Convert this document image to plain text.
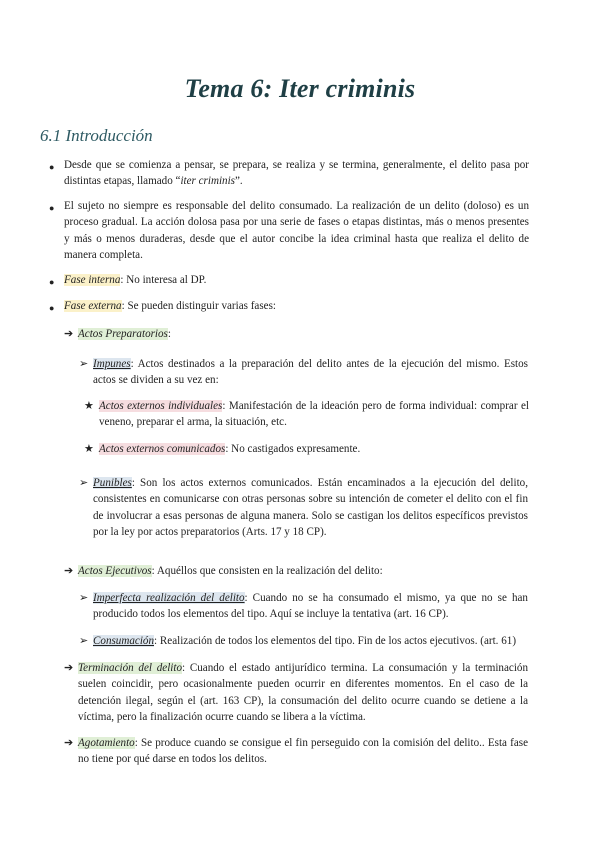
Tema 6: Iter criminis
6.1 Introducción
● Desde que se comienza a pensar, se prepara, se realiza y se termina, generalmente, el delito pasa por distintas etapas, llamado “iter criminis”.
● El sujeto no siempre es responsable del delito consumado. La realización de un delito (doloso) es un proceso gradual. La acción dolosa pasa por una serie de fases o etapas distintas, más o menos presentes y más o menos duraderas, desde que el autor concibe la idea criminal hasta que realiza el delito de manera completa.
● Fase interna: No interesa al DP.
● Fase externa: Se pueden distinguir varias fases:
➔ Actos Preparatorios:
➢ Impunes: Actos destinados a la preparación del delito antes de la ejecución del mismo. Estos actos se dividen a su vez en:
★ Actos externos individuales: Manifestación de la ideación pero de forma individual: comprar el veneno, preparar el arma, la situación, etc.
★ Actos externos comunicados: No castigados expresamente.
➢ Punibles: Son los actos externos comunicados. Están encaminados a la ejecución del delito, consistentes en comunicarse con otras personas sobre su intención de cometer el delito con el fin de involucrar a esas personas de alguna manera. Solo se castigan los delitos específicos previstos por la ley por actos preparatorios (Arts. 17 y 18 CP).
➔ Actos Ejecutivos: Aquéllos que consisten en la realización del delito:
➢ Imperfecta realización del delito: Cuando no se ha consumado el mismo, ya que no se han producido todos los elementos del tipo. Aquí se incluye la tentativa (art. 16 CP).
➢ Consumación: Realización de todos los elementos del tipo. Fin de los actos ejecutivos. (art. 61)
➔ Terminación del delito: Cuando el estado antijurídico termina. La consumación y la terminación suelen coincidir, pero ocasionalmente pueden ocurrir en diferentes momentos. En el caso de la detención ilegal, según el (art. 163 CP), la consumación del delito ocurre cuando se detiene a la víctima, pero la finalización ocurre cuando se libera a la víctima.
➔ Agotamiento: Se produce cuando se consigue el fin perseguido con la comisión del delito.. Esta fase no tiene por qué darse en todos los delitos.
